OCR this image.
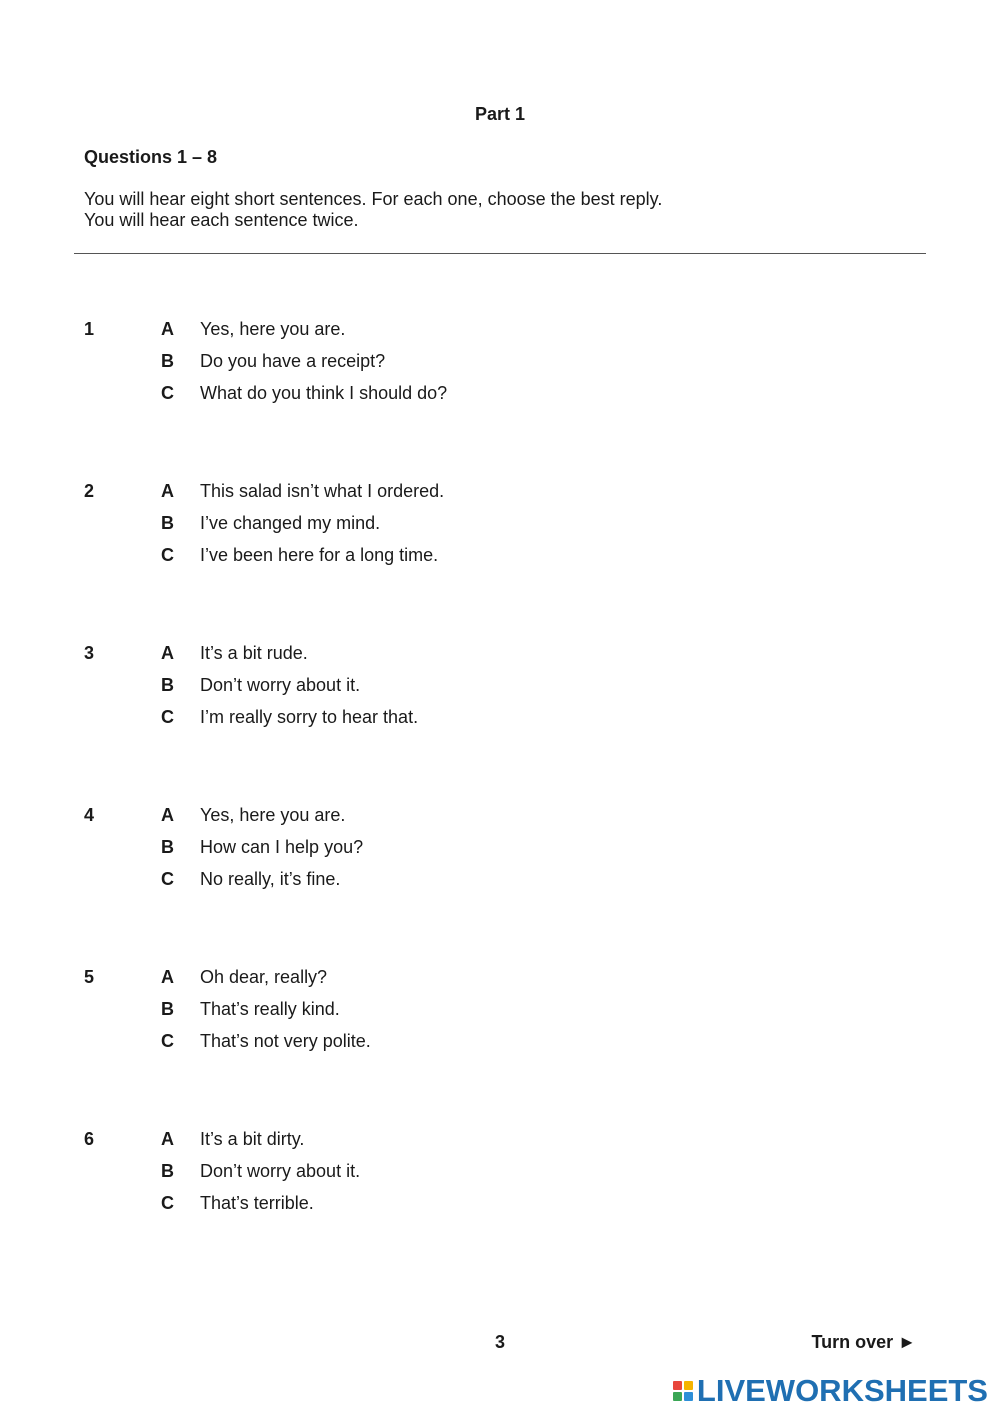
Part 1
Questions 1 – 8
You will hear eight short sentences. For each one, choose the best reply.
You will hear each sentence twice.
1	A Yes, here you are.
B Do you have a receipt?
C What do you think I should do?
2	A This salad isn’t what I ordered.
B I’ve changed my mind.
C I’ve been here for a long time.
3	A It’s a bit rude.
B Don’t worry about it.
C I’m really sorry to hear that.
4	A Yes, here you are.
B How can I help you?
C No really, it’s fine.
5	A Oh dear, really?
B That’s really kind.
C That’s not very polite.
6	A It’s a bit dirty.
B Don’t worry about it.
C That’s terrible.
3	Turn over ►
LIVEWORKSHEETS
